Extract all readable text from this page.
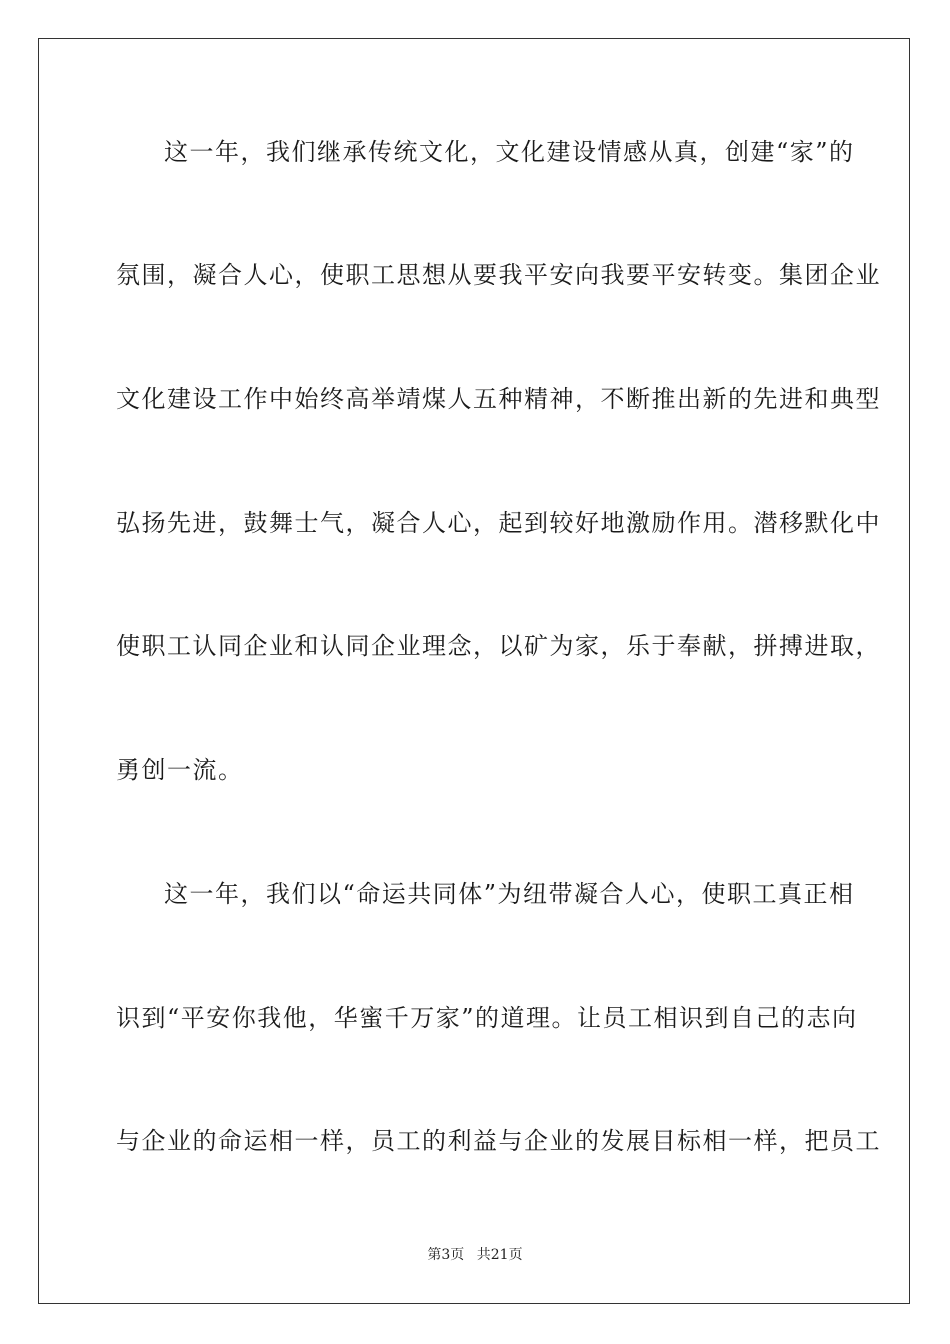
这一年，我们继承传统文化，文化建设情感从真，创建“家”的
氛围，凝合人心，使职工思想从要我平安向我要平安转变。集团企业
文化建设工作中始终高举靖煤人五种精神，不断推出新的先进和典型
弘扬先进，鼓舞士气，凝合人心，起到较好地激励作用。潜移默化中
使职工认同企业和认同企业理念，以矿为家，乐于奉献，拼搏进取，
勇创一流。
这一年，我们以“命运共同体”为纽带凝合人心，使职工真正相
识到“平安你我他，华蜜千万家”的道理。让员工相识到自己的志向
与企业的命运相一样，员工的利益与企业的发展目标相一样，把员工
第3页 共21页
